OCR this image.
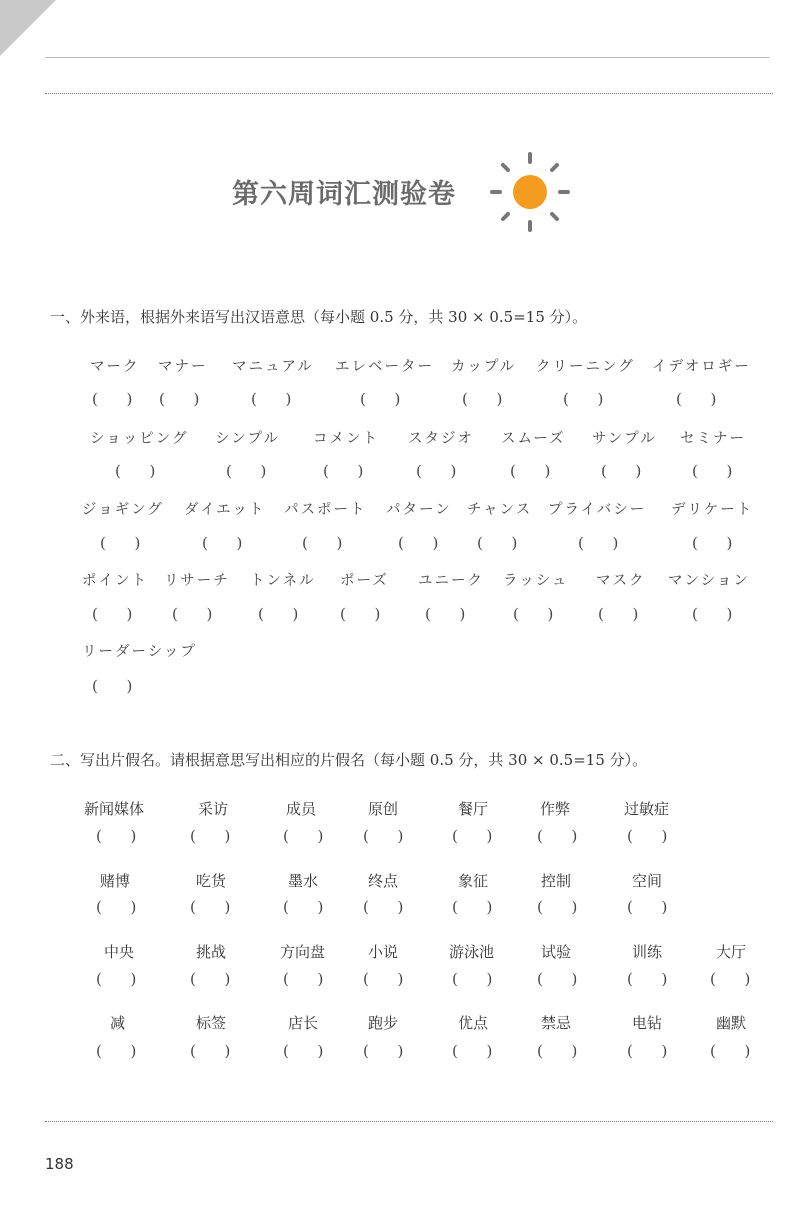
第六周词汇测验卷
一、外来语，根据外来语写出汉语意思（每小题 0.5 分，共 30 × 0.5=15 分）。
マーク マナー マニュアル エレベーター カップル クリーニング イデオロギー
(      ) (      )	(      )	(      )	(      )	(      )	(      )
ショッピング シンプル コメント スタジオ スムーズ サンプル セミナー
(      )	(      )	(      )	(      )	(      )	(      )	(      )
ジョギング ダイエット パスポート パターン チャンス プライバシー デリケート
(      )	(      )	(      )	(      )	(      )	(      )	(      )
ポイント リサーチ トンネル ポーズ ユニーク ラッシュ マスク マンション
(      )	(      )	(      )	(      )	(      )	(      )	(      )	(      )
リーダーシップ
(      )
二、写出片假名。请根据意思写出相应的片假名（每小题 0.5 分，共 30 × 0.5=15 分）。
新闻媒体	采访	成员	原创	餐厅	作弊	过敏症
(      )	(      )	(      )	(      )	(      )	(      )	(      )
赌博	吃货	墨水	终点	象征	控制	空间
(      )	(      )	(      )	(      )	(      )	(      )	(      )
中央	挑战	方向盘	小说	游泳池	试验	训练	大厅
(      )	(      )	(      )	(      )	(      )	(      )	(      )	(      )
减	标签	店长	跑步	优点	禁忌	电钻	幽默
(      )	(      )	(      )	(      )	(      )	(      )	(      )	(      )
188
